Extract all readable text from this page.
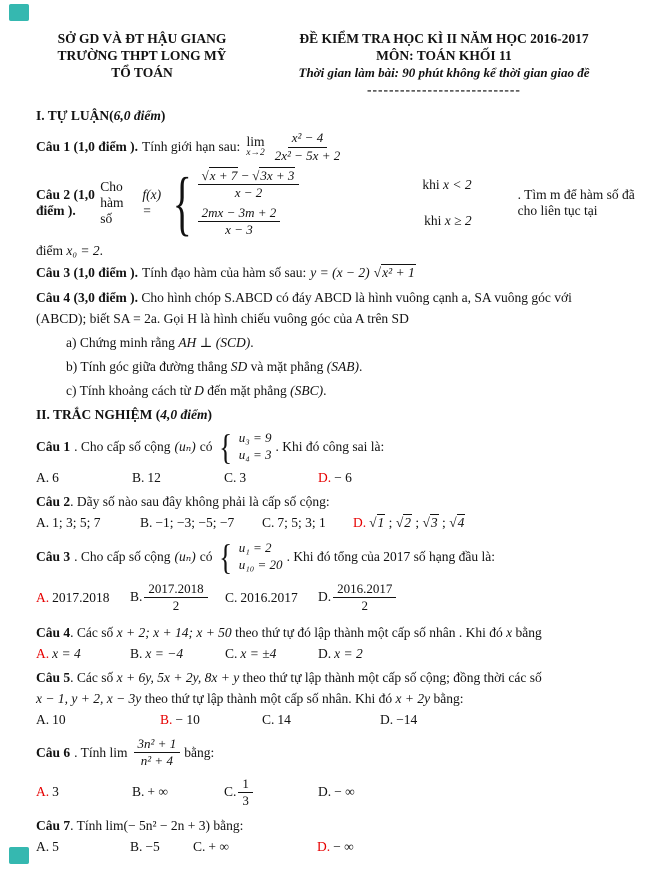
SỞ GD VÀ ĐT HẬU GIANG
TRƯỜNG THPT LONG MỸ
TỔ TOÁN
ĐỀ KIỂM TRA HỌC KÌ II NĂM HỌC 2016-2017
MÔN: TOÁN KHỐI 11
Thời gian làm bài: 90 phút không kể thời gian giao đề
----------------------------
I. TỰ LUẬN(6,0 điểm)
Câu 1 (1,0 điểm ). Tính giới hạn sau: lim
$x\to 2 \frac{\text{x² − 4}}{\text{2x² − 5x + 2}}$
Câu 2 (1,0 điểm ).
Cho hàm số
f(x) = { $\frac{√x + 7 - √3x + 3}{x - 2}$	khi x < 2
$\frac{2mx - 3m + 2}{x - 3}$	khi x ≥ 2
. Tìm m để hàm số đã cho liên tục tại
điểm x₀ = 2.
Câu 3 (1,0 điểm ). Tính đạo hàm của hàm số sau: y = (x − 2) √x² + 1
Câu 4 (3,0 điểm ). Cho hình chóp S.ABCD có đáy ABCD là hình vuông cạnh a, SA vuông góc với
(ABCD); biết SA = 2a. Gọi H là hình chiếu vuông góc của A trên SD
a) Chứng minh rằng AH ⊥ (SCD).
b) Tính góc giữa đường thẳng SD và mặt phẳng (SAB).
c) Tính khoảng cách từ D đến mặt phẳng (SBC).
II. TRẮC NGHIỆM (4,0 điểm)
Câu 1 . Cho cấp số cộng (uₙ) có { u₃ = 9
u₄ = 3
. Khi đó công sai là:
A. 6	B. 12	C. 3	D. − 6
Câu 2. Dãy số nào sau đây không phải là cấp số cộng:
A. 1; 3; 5; 7	B. −1; −3; −5; −7	C. 7; 5; 3; 1	D. √1 ; √2 ; √3 ; √4
Câu 3 . Cho cấp số cộng (uₙ) có { u₁ = 2
u₁₀ = 20
. Khi đó tổng của 2017 số hạng đầu là:
A. 2017.2018	B. $\frac{2017.2018}{2} C$. 2016.2017	D. $\frac{2016.2017}{2}$
Câu 4. Các số x + 2; x + 14; x + 50 theo thứ tự đó lập thành một cấp số nhân . Khi đó x bằng
A. x = 4	B. x = −4	C. x = ±4	D. x = 2
Câu 5. Các số x + 6y, 5x + 2y, 8x + y theo thứ tự lập thành một cấp số cộng; đồng thời các số
x − 1, y + 2, x − 3y theo thứ tự lập thành một cấp số nhân. Khi đó x + 2y bằng:
A. 10	B. − 10	C. 14	D. −14
Câu 6 . Tính $\lim \frac{\text{3n² + 1}}{\text{n² + 4}}$ bằng:
A. 3	B. + ∞	C. $\frac{1}{3}$	D. − ∞
Câu 7. Tính lim(− 5n² − 2n + 3) bằng:
A. 5	B. −5	C. + ∞	D. − ∞
